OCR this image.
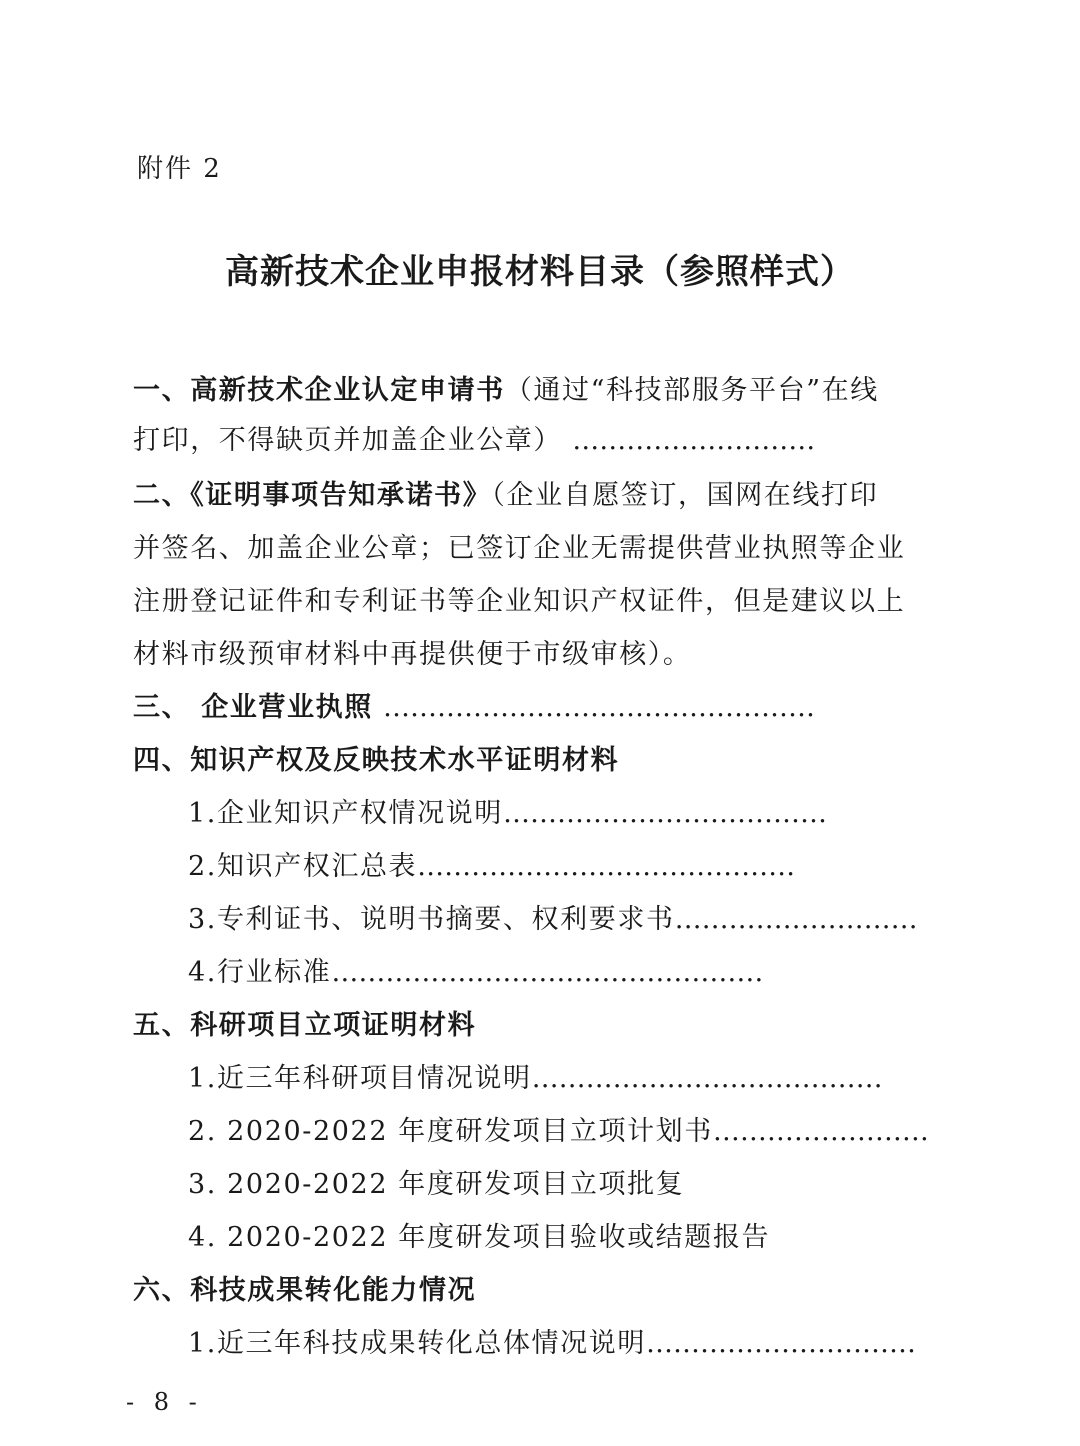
附件 2
高新技术企业申报材料目录（参照样式）
一、高新技术企业认定申请书（通过“科技部服务平台”在线
打印，不得缺页并加盖企业公章） ………………………
二、《证明事项告知承诺书》（企业自愿签订，国网在线打印
并签名、加盖企业公章；已签订企业无需提供营业执照等企业
注册登记证件和专利证书等企业知识产权证件，但是建议以上
材料市级预审材料中再提供便于市级审核）。
三、 企业营业执照 …………………………………………
四、知识产权及反映技术水平证明材料
1.企业知识产权情况说明………………………………
2.知识产权汇总表……………………………………
3.专利证书、说明书摘要、权利要求书………………………
4.行业标准…………………………………………
五、科研项目立项证明材料
1.近三年科研项目情况说明…………………………………
2. 2020-2022 年度研发项目立项计划书……………………
3. 2020-2022 年度研发项目立项批复
4. 2020-2022 年度研发项目验收或结题报告
六、科技成果转化能力情况
1.近三年科技成果转化总体情况说明…………………………
- 8 -
